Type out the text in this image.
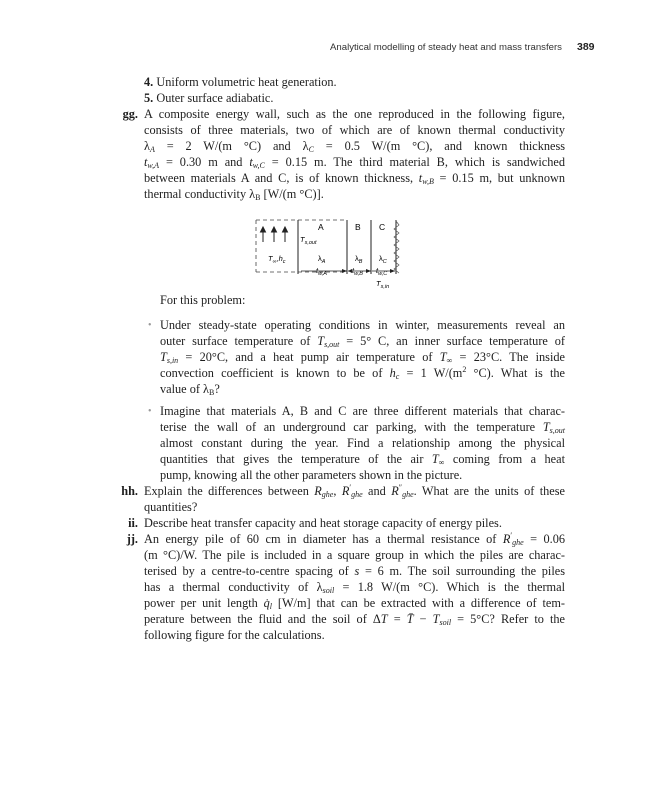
Analytical modelling of steady heat and mass transfers 389
4. Uniform volumetric heat generation.
5. Outer surface adiabatic.
gg. A composite energy wall, such as the one reproduced in the following figure,
consists of three materials, two of which are of known thermal conductivity
$\lambda_A = 2$ W/(m °C) and $\lambda_C = 0.5$ W/(m °C), and known thickness
$t_{w,A} = 0.30$ m and $t_{w,C} = 0.15$ m. The third material B, which is sandwiched
between materials A and C, is of known thickness, $t_{w,B} = 0.15$ m, but unknown
thermal conductivity $\lambda_B$ [W/(m °C)].
A	B C
$T_{s,out}$
$T_\infty,h_c$	$\lambda_A$	$\lambda_B$ $\lambda_C$
$t_{w,A}$	$t_{w,B}$ $t_{w,C}$
$T_{s,in}$
For this problem:
• Under steady-state operating conditions in winter, measurements reveal an
outer surface temperature of $T_{s,out} = 5^\circ$ C, an inner surface temperature of
$T_{s,in} = 20^\circ C$, and a heat pump air temperature of $T_\infty = 23^\circ C$. The inside
convection coefficient is known to be of $h_c = 1$ $W/(m^2$ °C). What is the
value of $\lambda_B$?
• Imagine that materials A, B and C are three different materials that charac-
terise the wall of an underground car parking, with the temperature $T_{s,out}$
almost constant during the year. Find a relationship among the physical
quantities that gives the temperature of the air $T_\infty$ coming from a heat
pump, knowing all the other parameters shown in the picture.
hh. Explain the differences between $R_{ghe}$, $R'_{ghe}$ and $R''_{ghe}$. What are the units of these
quantities?
ii. Describe heat transfer capacity and heat storage capacity of energy piles.
jj. An energy pile of 60 cm in diameter has a thermal resistance of $R'_{ghe} = 0.06$
(m °C)/W. The pile is included in a square group in which the piles are charac-
terised by a centre-to-centre spacing of s = 6 m. The soil surrounding the piles
has a thermal conductivity of $\lambda_{soil} = 1.8$ W/(m °C). Which is the thermal
power per unit length $q̇_l$ [W/m] that can be extracted with a difference of tem-
perature between the fluid and the soil of ΔT = T̄ − $T_{soil} = 5^\circ C$? Refer to the
following figure for the calculations.
